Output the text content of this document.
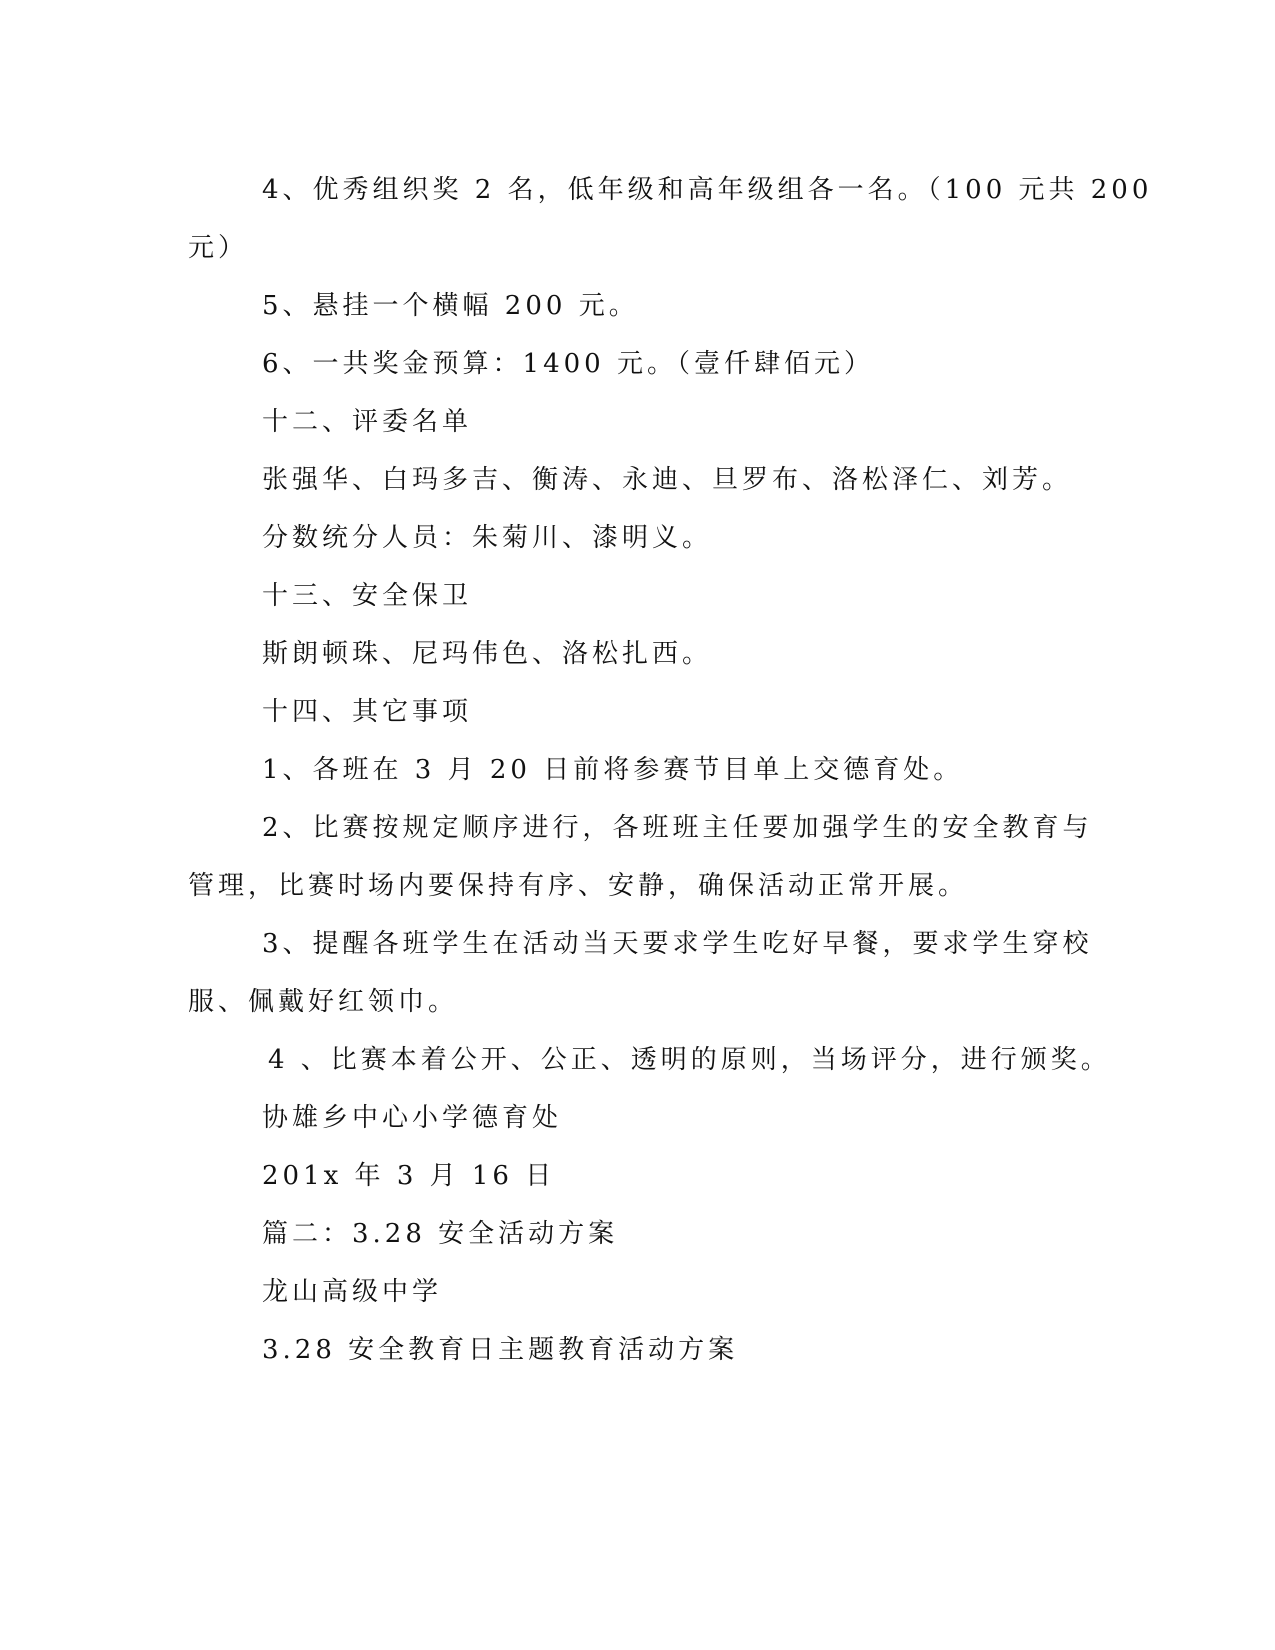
4、优秀组织奖 2 名，低年级和高年级组各一名。（100 元共 200
元）
5、悬挂一个横幅 200 元。
6、一共奖金预算：1400 元。（壹仟肆佰元）
十二、评委名单
张强华、白玛多吉、衡涛、永迪、旦罗布、洛松泽仁、刘芳。
分数统分人员：朱菊川、漆明义。
十三、安全保卫
斯朗顿珠、尼玛伟色、洛松扎西。
十四、其它事项
1、各班在 3 月 20 日前将参赛节目单上交德育处。
2、比赛按规定顺序进行，各班班主任要加强学生的安全教育与
管理，比赛时场内要保持有序、安静，确保活动正常开展。
3、提醒各班学生在活动当天要求学生吃好早餐，要求学生穿校
服、佩戴好红领巾。
4 、比赛本着公开、公正、透明的原则，当场评分，进行颁奖。
协雄乡中心小学德育处
201x 年 3 月 16 日
篇二：3.28 安全活动方案
龙山高级中学
3.28 安全教育日主题教育活动方案
